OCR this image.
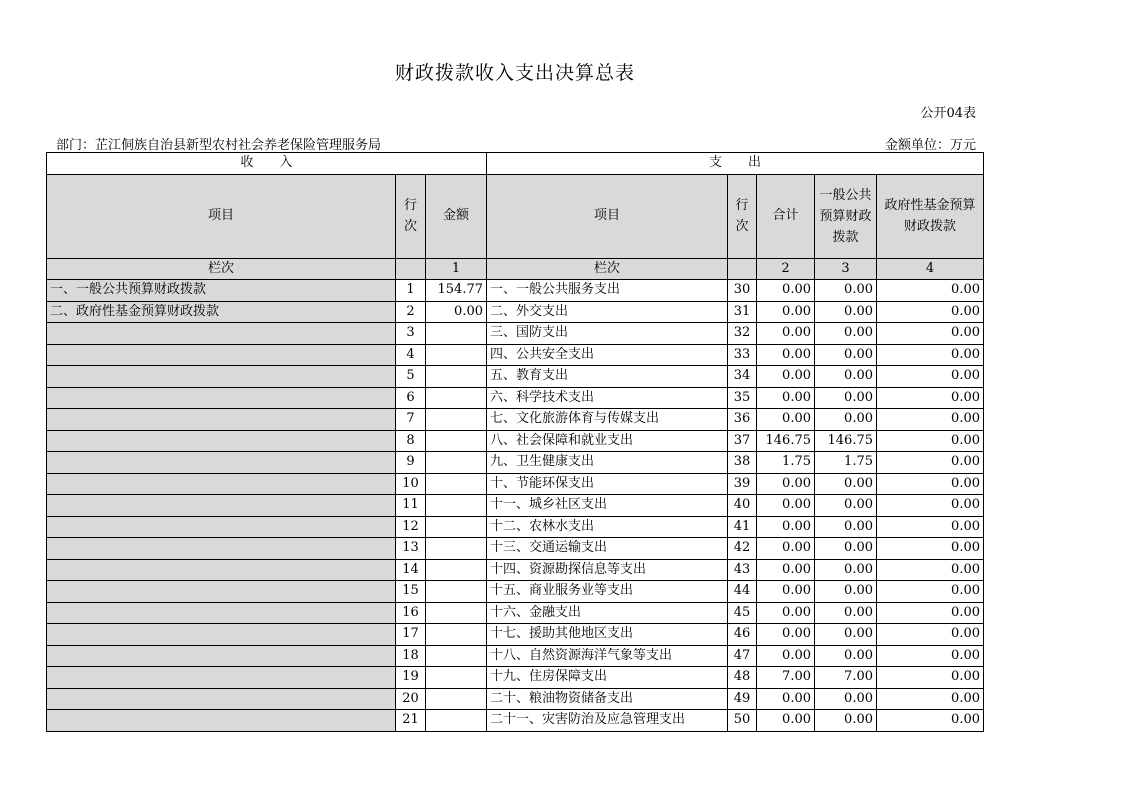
财政拨款收入支出决算总表
公开04表
部门：芷江侗族自治县新型农村社会养老保险管理服务局	金额单位：万元
收　　入			支　　出				
项目	行次	金额	项目	行次	合计	一般公共预算财政拨款	政府性基金预算财政拨款
栏次		1	栏次		2	3	4
一、一般公共预算财政拨款	1	154.77	一、一般公共服务支出	30	0.00	0.00	0.00
二、政府性基金预算财政拨款	2	0.00	二、外交支出	31	0.00	0.00	0.00
	3		三、国防支出	32	0.00	0.00	0.00
	4		四、公共安全支出	33	0.00	0.00	0.00
	5		五、教育支出	34	0.00	0.00	0.00
	6		六、科学技术支出	35	0.00	0.00	0.00
	7		七、文化旅游体育与传媒支出	36	0.00	0.00	0.00
	8		八、社会保障和就业支出	37	146.75	146.75	0.00
	9		九、卫生健康支出	38	1.75	1.75	0.00
	10		十、节能环保支出	39	0.00	0.00	0.00
	11		十一、城乡社区支出	40	0.00	0.00	0.00
	12		十二、农林水支出	41	0.00	0.00	0.00
	13		十三、交通运输支出	42	0.00	0.00	0.00
	14		十四、资源勘探信息等支出	43	0.00	0.00	0.00
	15		十五、商业服务业等支出	44	0.00	0.00	0.00
	16		十六、金融支出	45	0.00	0.00	0.00
	17		十七、援助其他地区支出	46	0.00	0.00	0.00
	18		十八、自然资源海洋气象等支出	47	0.00	0.00	0.00
	19		十九、住房保障支出	48	7.00	7.00	0.00
	20		二十、粮油物资储备支出	49	0.00	0.00	0.00
	21		二十一、灾害防治及应急管理支出	50	0.00	0.00	0.00
